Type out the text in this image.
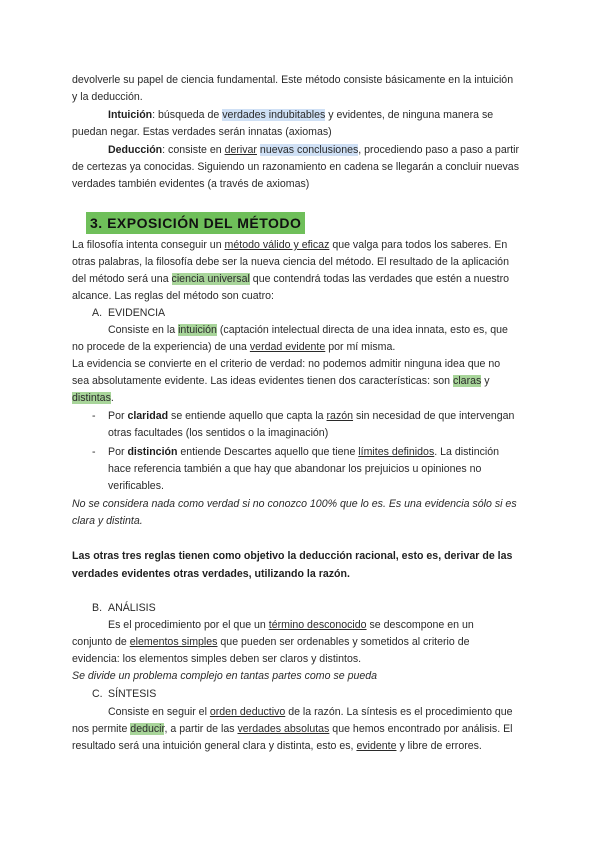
devolverle su papel de ciencia fundamental. Este método consiste básicamente en la intuición
y la deducción.
Intuición: búsqueda de verdades indubitables y evidentes, de ninguna manera se
puedan negar. Estas verdades serán innatas (axiomas)
Deducción: consiste en derivar nuevas conclusiones, procediendo paso a paso a partir
de certezas ya conocidas. Siguiendo un razonamiento en cadena se llegarán a concluir nuevas
verdades también evidentes (a través de axiomas)
3. EXPOSICIÓN DEL MÉTODO
La filosofía intenta conseguir un método válido y eficaz que valga para todos los saberes. En
otras palabras, la filosofía debe ser la nueva ciencia del método. El resultado de la aplicación
del método será una ciencia universal que contendrá todas las verdades que estén a nuestro
alcance. Las reglas del método son cuatro:
A. EVIDENCIA
Consiste en la intuición (captación intelectual directa de una idea innata, esto es, que
no procede de la experiencia) de una verdad evidente por mí misma.
La evidencia se convierte en el criterio de verdad: no podemos admitir ninguna idea que no
sea absolutamente evidente. Las ideas evidentes tienen dos características: son claras y
distintas.
-	Por claridad se entiende aquello que capta la razón sin necesidad de que intervengan
otras facultades (los sentidos o la imaginación)
-	Por distinción entiende Descartes aquello que tiene límites definidos. La distinción
hace referencia también a que hay que abandonar los prejuicios u opiniones no
verificables.
No se considera nada como verdad si no conozco 100% que lo es. Es una evidencia sólo si es
clara y distinta.
Las otras tres reglas tienen como objetivo la deducción racional, esto es, derivar de las
verdades evidentes otras verdades, utilizando la razón.
B. ANÁLISIS
Es el procedimiento por el que un término desconocido se descompone en un
conjunto de elementos simples que pueden ser ordenables y sometidos al criterio de
evidencia: los elementos simples deben ser claros y distintos.
Se divide un problema complejo en tantas partes como se pueda
C. SÍNTESIS
Consiste en seguir el orden deductivo de la razón. La síntesis es el procedimiento que
nos permite deducir, a partir de las verdades absolutas que hemos encontrado por análisis. El
resultado será una intuición general clara y distinta, esto es, evidente y libre de errores.
